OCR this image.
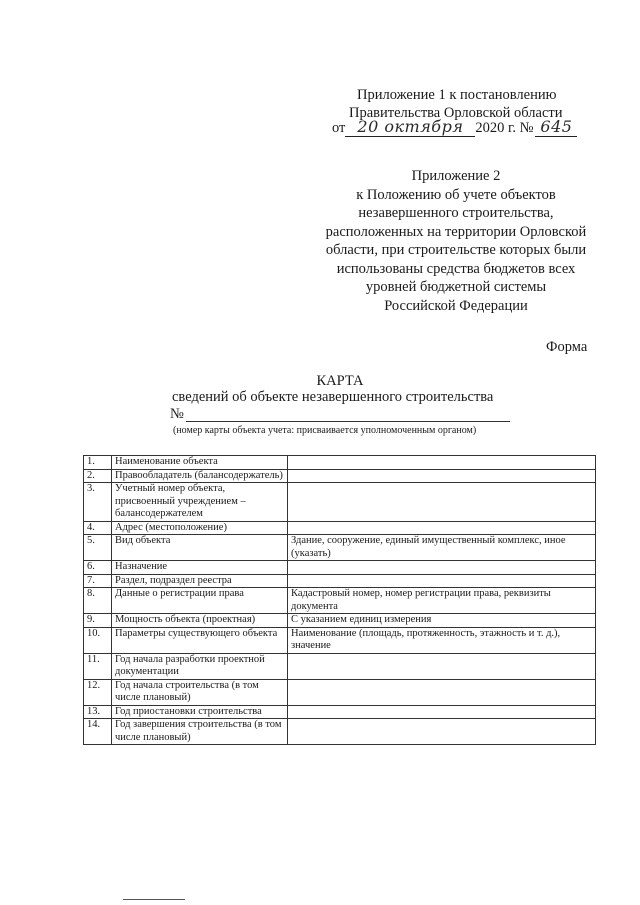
Приложение 1 к постановлению
Правительства Орловской области
от 20 октября 2020 г. № 645
Приложение 2
к Положению об учете объектов
незавершенного строительства,
расположенных на территории Орловской
области, при строительстве которых были
использованы средства бюджетов всех
уровней бюджетной системы
Российской Федерации
Форма
КАРТА
сведений об объекте незавершенного строительства
№
(номер карты объекта учета: присваивается уполномоченным органом)
1.	Наименование объекта	
2.	Правообладатель (балансодержатель)	
3.	Учетный номер объекта, присвоенный учреждением – балансодержателем	
4.	Адрес (местоположение)	
5.	Вид объекта	Здание, сооружение, единый имущественный комплекс, иное (указать)
6.	Назначение	
7.	Раздел, подраздел реестра	
8.	Данные о регистрации права	Кадастровый номер, номер регистрации права, реквизиты документа
9.	Мощность объекта (проектная)	С указанием единиц измерения
10.	Параметры существующего объекта	Наименование (площадь, протяженность, этажность и т. д.), значение
11.	Год начала разработки проектной документации	
12.	Год начала строительства (в том числе плановый)	
13.	Год приостановки строительства	
14.	Год завершения строительства (в том числе плановый)	
